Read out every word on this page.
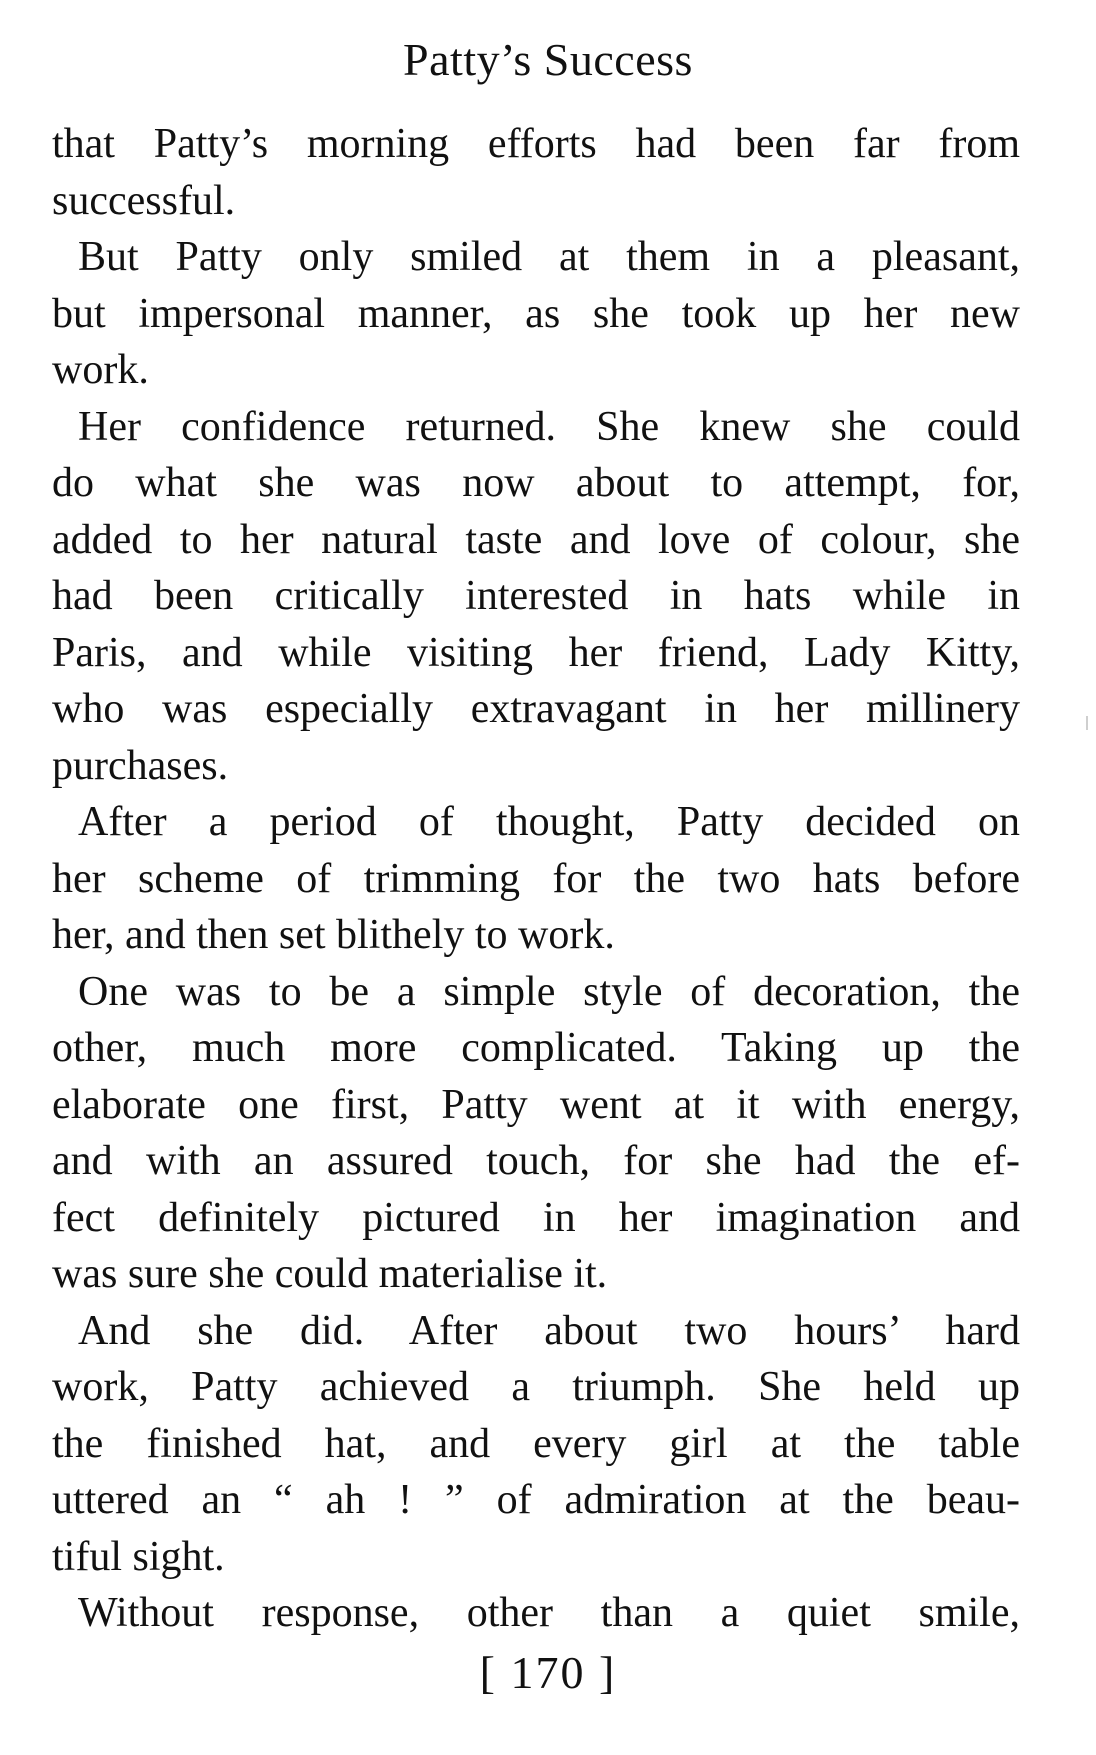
Patty’s Success
that Patty’s morning efforts had been far from
successful.
But Patty only smiled at them in a pleasant,
but impersonal manner, as she took up her new
work.
Her confidence returned. She knew she could
do what she was now about to attempt, for,
added to her natural taste and love of colour, she
had been critically interested in hats while in
Paris, and while visiting her friend, Lady Kitty,
who was especially extravagant in her millinery
purchases.
After a period of thought, Patty decided on
her scheme of trimming for the two hats before
her, and then set blithely to work.
One was to be a simple style of decoration, the
other, much more complicated. Taking up the
elaborate one first, Patty went at it with energy,
and with an assured touch, for she had the ef-
fect definitely pictured in her imagination and
was sure she could materialise it.
And she did. After about two hours’ hard
work, Patty achieved a triumph. She held up
the finished hat, and every girl at the table
uttered an “ ah ! ” of admiration at the beau-
tiful sight.
Without response, other than a quiet smile,
[ 170 ]
